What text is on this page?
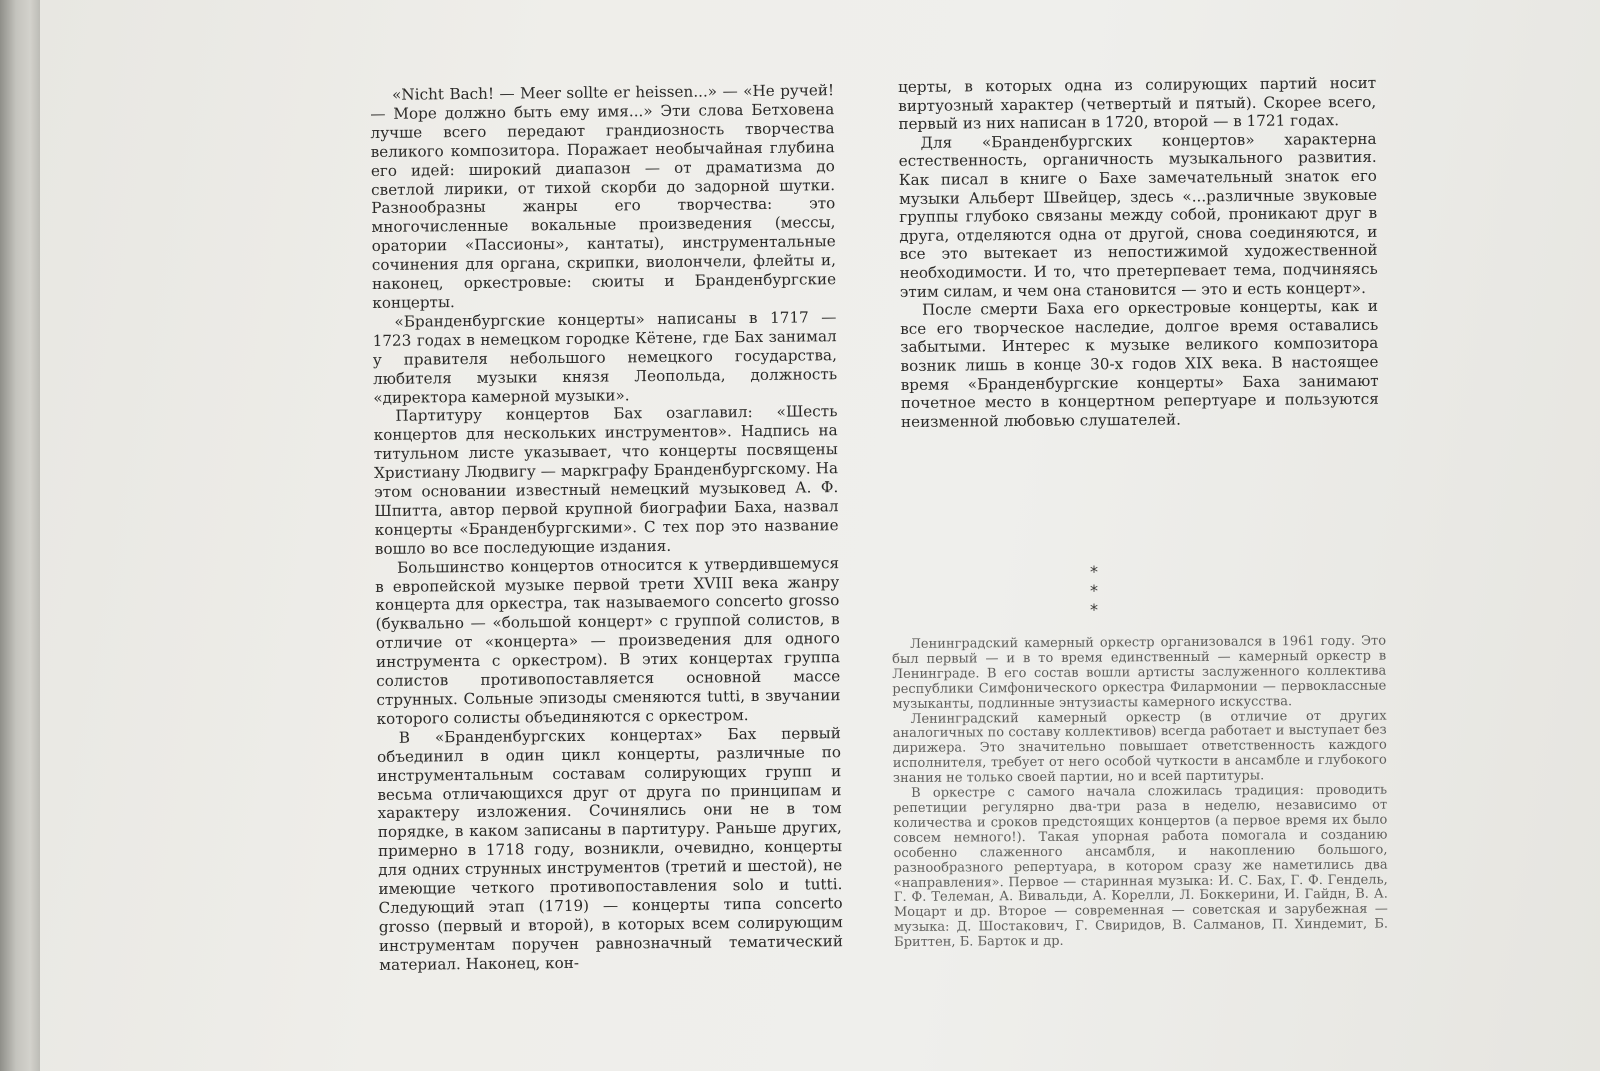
«Nicht Bach! — Meer sollte er heissen...» — «Не ручей! — Море должно быть ему имя...» Эти слова Бетховена лучше всего передают грандиозность творчества великого композитора. Поражает необычайная глубина его идей: широкий диапазон — от драматизма до светлой лирики, от тихой скорби до задорной шутки. Разнообразны жанры его творчества: это многочисленные вокальные произведения (мессы, оратории «Пассионы», кантаты), инструментальные сочинения для органа, скрипки, виолончели, флейты и, наконец, оркестровые: сюиты и Бранденбургские концерты.

«Бранденбургские концерты» написаны в 1717 — 1723 годах в немецком городке Кётене, где Бах занимал у правителя небольшого немецкого государства, любителя музыки князя Леопольда, должность «директора камерной музыки».

Партитуру концертов Бах озаглавил: «Шесть концертов для нескольких инструментов». Надпись на титульном листе указывает, что концерты посвящены Христиану Людвигу — маркграфу Бранденбургскому. На этом основании известный немецкий музыковед А. Ф. Шпитта, автор первой крупной биографии Баха, назвал концерты «Бранденбургскими». С тех пор это название вошло во все последующие издания.

Большинство концертов относится к утвердившемуся в европейской музыке первой трети XVIII века жанру концерта для оркестра, так называемого concerto grosso (буквально — «большой концерт» с группой солистов, в отличие от «концерта» — произведения для одного инструмента с оркестром). В этих концертах группа солистов противопоставляется основной массе струнных. Сольные эпизоды сменяются tutti, в звучании которого солисты объединяются с оркестром.

В «Бранденбургских концертах» Бах первый объединил в один цикл концерты, различные по инструментальным составам солирующих групп и весьма отличающихся друг от друга по принципам и характеру изложения. Сочинялись они не в том порядке, в каком записаны в партитуру. Раньше других, примерно в 1718 году, возникли, очевидно, концерты для одних струнных инструментов (третий и шестой), не имеющие четкого противопоставления solo и tutti. Следующий этап (1719) — концерты типа concerto grosso (первый и второй), в которых всем солирующим инструментам поручен равнозначный тематический материал. Наконец, кон-

церты, в которых одна из солирующих партий носит виртуозный характер (четвертый и пятый). Скорее всего, первый из них написан в 1720, второй — в 1721 годах.

Для «Бранденбургских концертов» характерна естественность, органичность музыкального развития. Как писал в книге о Бахе замечательный знаток его музыки Альберт Швейцер, здесь «...различные звуковые группы глубоко связаны между собой, проникают друг в друга, отделяются одна от другой, снова соединяются, и все это вытекает из непостижимой художественной необходимости. И то, что претерпевает тема, подчиняясь этим силам, и чем она становится — это и есть концерт».

После смерти Баха его оркестровые концерты, как и все его творческое наследие, долгое время оставались забытыми. Интерес к музыке великого композитора возник лишь в конце 30-х годов XIX века. В настоящее время «Бранденбургские концерты» Баха занимают почетное место в концертном репертуаре и пользуются неизменной любовью слушателей.

* * *

Ленинградский камерный оркестр организовался в 1961 году. Это был первый — и в то время единственный — камерный оркестр в Ленинграде. В его состав вошли артисты заслуженного коллектива республики Симфонического оркестра Филармонии — первоклассные музыканты, подлинные энтузиасты камерного искусства.

Ленинградский камерный оркестр (в отличие от других аналогичных по составу коллективов) всегда работает и выступает без дирижера. Это значительно повышает ответственность каждого исполнителя, требует от него особой чуткости в ансамбле и глубокого знания не только своей партии, но и всей партитуры.

В оркестре с самого начала сложилась традиция: проводить репетиции регулярно два-три раза в неделю, независимо от количества и сроков предстоящих концертов (а первое время их было совсем немного!). Такая упорная работа помогала и созданию особенно слаженного ансамбля, и накоплению большого, разнообразного репертуара, в котором сразу же наметились два «направления». Первое — старинная музыка: И. С. Бах, Г. Ф. Гендель, Г. Ф. Телеман, А. Вивальди, А. Корелли, Л. Боккерини, И. Гайдн, В. А. Моцарт и др. Второе — современная — советская и зарубежная — музыка: Д. Шостакович, Г. Свиридов, В. Салманов, П. Хиндемит, Б. Бриттен, Б. Барток и др.
